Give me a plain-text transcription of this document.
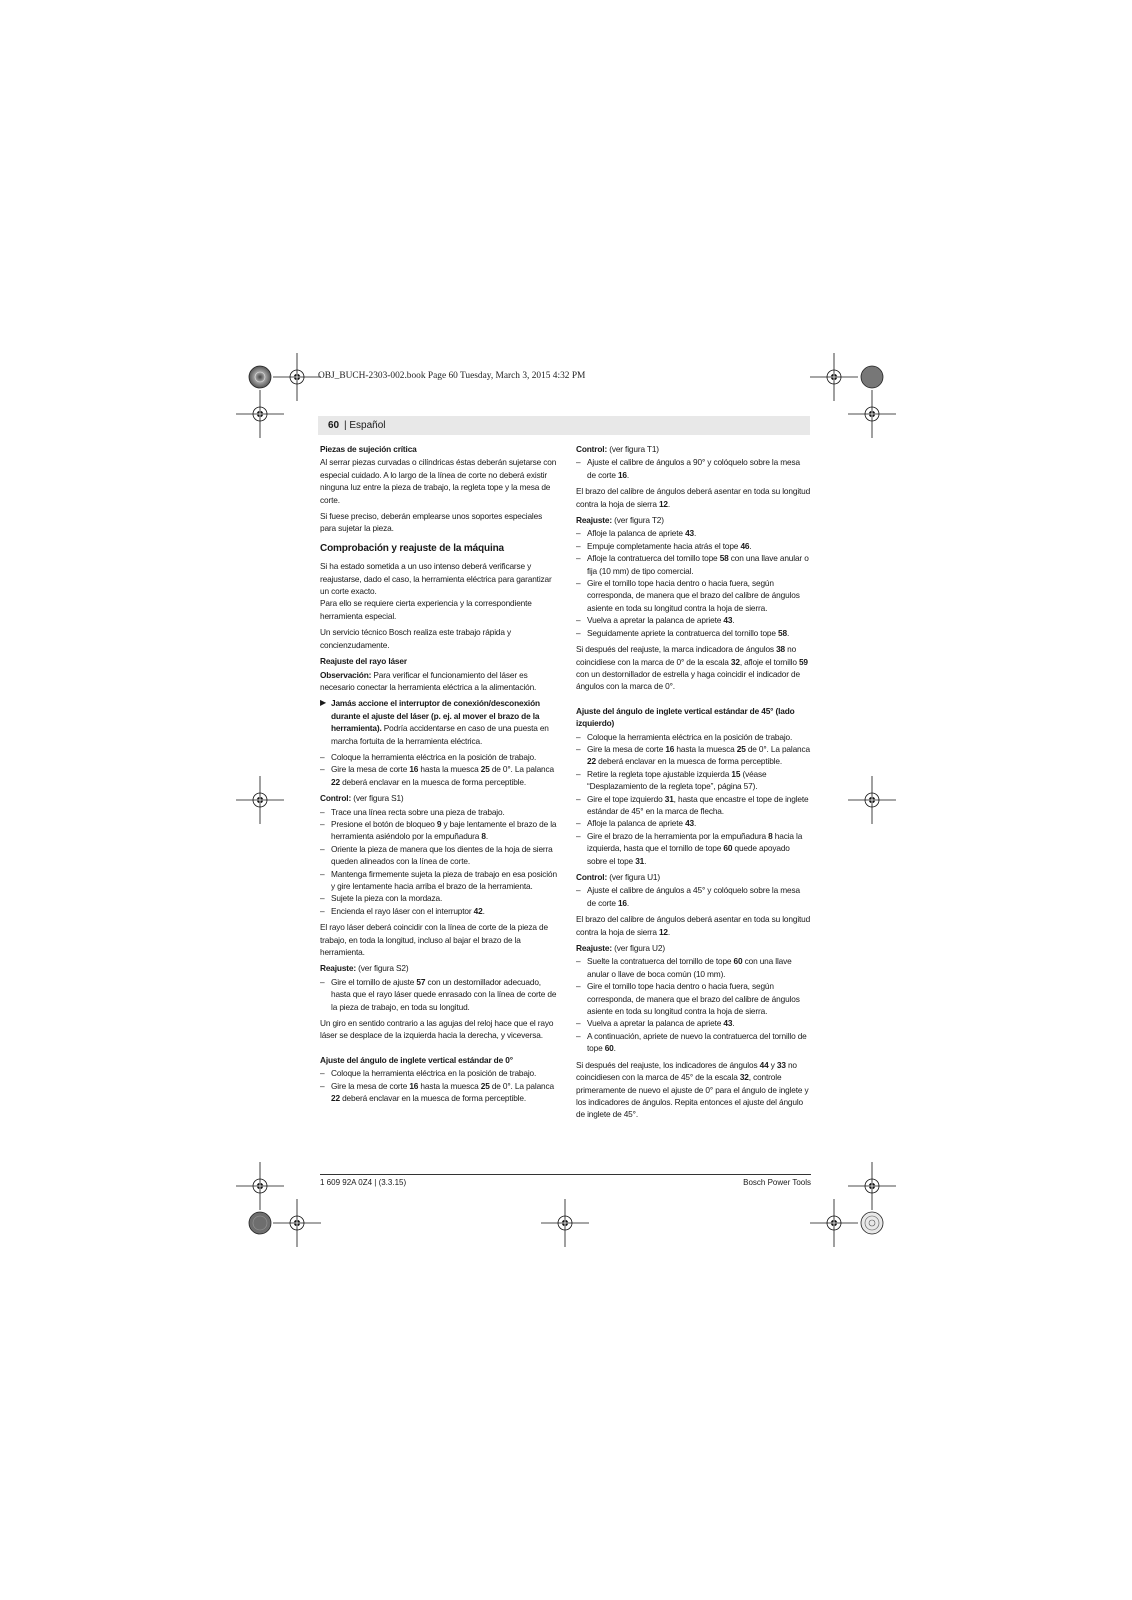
OBJ_BUCH-2303-002.book Page 60 Tuesday, March 3, 2015 4:32 PM
60 | Español
Piezas de sujeción crítica

Al serrar piezas curvadas o cilíndricas éstas deberán sujetarse con especial cuidado. A lo largo de la línea de corte no deberá existir ninguna luz entre la pieza de trabajo, la regleta tope y la mesa de corte.

Si fuese preciso, deberán emplearse unos soportes especiales para sujetar la pieza.

Comprobación y reajuste de la máquina

Si ha estado sometida a un uso intenso deberá verificarse y reajustarse, dado el caso, la herramienta eléctrica para garantizar un corte exacto.
Para ello se requiere cierta experiencia y la correspondiente herramienta especial.

Un servicio técnico Bosch realiza este trabajo rápida y concienzudamente.

Reajuste del rayo láser

Observación: Para verificar el funcionamiento del láser es necesario conectar la herramienta eléctrica a la alimentación.

▶ Jamás accione el interruptor de conexión/desconexión durante el ajuste del láser (p. ej. al mover el brazo de la herramienta). Podría accidentarse en caso de una puesta en marcha fortuita de la herramienta eléctrica.
– Coloque la herramienta eléctrica en la posición de trabajo.
– Gire la mesa de corte 16 hasta la muesca 25 de 0°. La palanca 22 deberá enclavar en la muesca de forma perceptible.

Control: (ver figura S1)

– Trace una línea recta sobre una pieza de trabajo.
– Presione el botón de bloqueo 9 y baje lentamente el brazo de la herramienta asiéndolo por la empuñadura 8.
– Oriente la pieza de manera que los dientes de la hoja de sierra queden alineados con la línea de corte.
– Mantenga firmemente sujeta la pieza de trabajo en esa posición y gire lentamente hacia arriba el brazo de la herramienta.
– Sujete la pieza con la mordaza.
– Encienda el rayo láser con el interruptor 42.

El rayo láser deberá coincidir con la línea de corte de la pieza de trabajo, en toda la longitud, incluso al bajar el brazo de la herramienta.

Reajuste: (ver figura S2)

– Gire el tornillo de ajuste 57 con un destornillador adecuado, hasta que el rayo láser quede enrasado con la línea de corte de la pieza de trabajo, en toda su longitud.

Un giro en sentido contrario a las agujas del reloj hace que el rayo láser se desplace de la izquierda hacia la derecha, y viceversa.

Ajuste del ángulo de inglete vertical estándar de 0°
– Coloque la herramienta eléctrica en la posición de trabajo.
– Gire la mesa de corte 16 hasta la muesca 25 de 0°. La palanca 22 deberá enclavar en la muesca de forma perceptible.

Control: (ver figura T1)

– Ajuste el calibre de ángulos a 90° y colóquelo sobre la mesa de corte 16.

El brazo del calibre de ángulos deberá asentar en toda su longitud contra la hoja de sierra 12.

Reajuste: (ver figura T2)

– Afloje la palanca de apriete 43.
– Empuje completamente hacia atrás el tope 46.
– Afloje la contratuerca del tornillo tope 58 con una llave anular o fija (10 mm) de tipo comercial.
– Gire el tornillo tope hacia dentro o hacia fuera, según corresponda, de manera que el brazo del calibre de ángulos asiente en toda su longitud contra la hoja de sierra.
– Vuelva a apretar la palanca de apriete 43.
– Seguidamente apriete la contratuerca del tornillo tope 58.

Si después del reajuste, la marca indicadora de ángulos 38 no coincidiese con la marca de 0° de la escala 32, afloje el tornillo 59 con un destornillador de estrella y haga coincidir el indicador de ángulos con la marca de 0°.

Ajuste del ángulo de inglete vertical estándar de 45° (lado izquierdo)
– Coloque la herramienta eléctrica en la posición de trabajo.
– Gire la mesa de corte 16 hasta la muesca 25 de 0°. La palanca 22 deberá enclavar en la muesca de forma perceptible.
– Retire la regleta tope ajustable izquierda 15 (véase “Desplazamiento de la regleta tope”, página 57).
– Gire el tope izquierdo 31, hasta que encastre el tope de inglete estándar de 45° en la marca de flecha.
– Afloje la palanca de apriete 43.
– Gire el brazo de la herramienta por la empuñadura 8 hacia la izquierda, hasta que el tornillo de tope 60 quede apoyado sobre el tope 31.

Control: (ver figura U1)

– Ajuste el calibre de ángulos a 45° y colóquelo sobre la mesa de corte 16.

El brazo del calibre de ángulos deberá asentar en toda su longitud contra la hoja de sierra 12.

Reajuste: (ver figura U2)

– Suelte la contratuerca del tornillo de tope 60 con una llave anular o llave de boca común (10 mm).
– Gire el tornillo tope hacia dentro o hacia fuera, según corresponda, de manera que el brazo del calibre de ángulos asiente en toda su longitud contra la hoja de sierra.
– Vuelva a apretar la palanca de apriete 43.
– A continuación, apriete de nuevo la contratuerca del tornillo de tope 60.

Si después del reajuste, los indicadores de ángulos 44 y 33 no coincidiesen con la marca de 45° de la escala 32, controle primeramente de nuevo el ajuste de 0° para el ángulo de inglete y los indicadores de ángulos. Repita entonces el ajuste del ángulo de inglete de 45°.

1 609 92A 0Z4 | (3.3.15)	Bosch Power Tools
